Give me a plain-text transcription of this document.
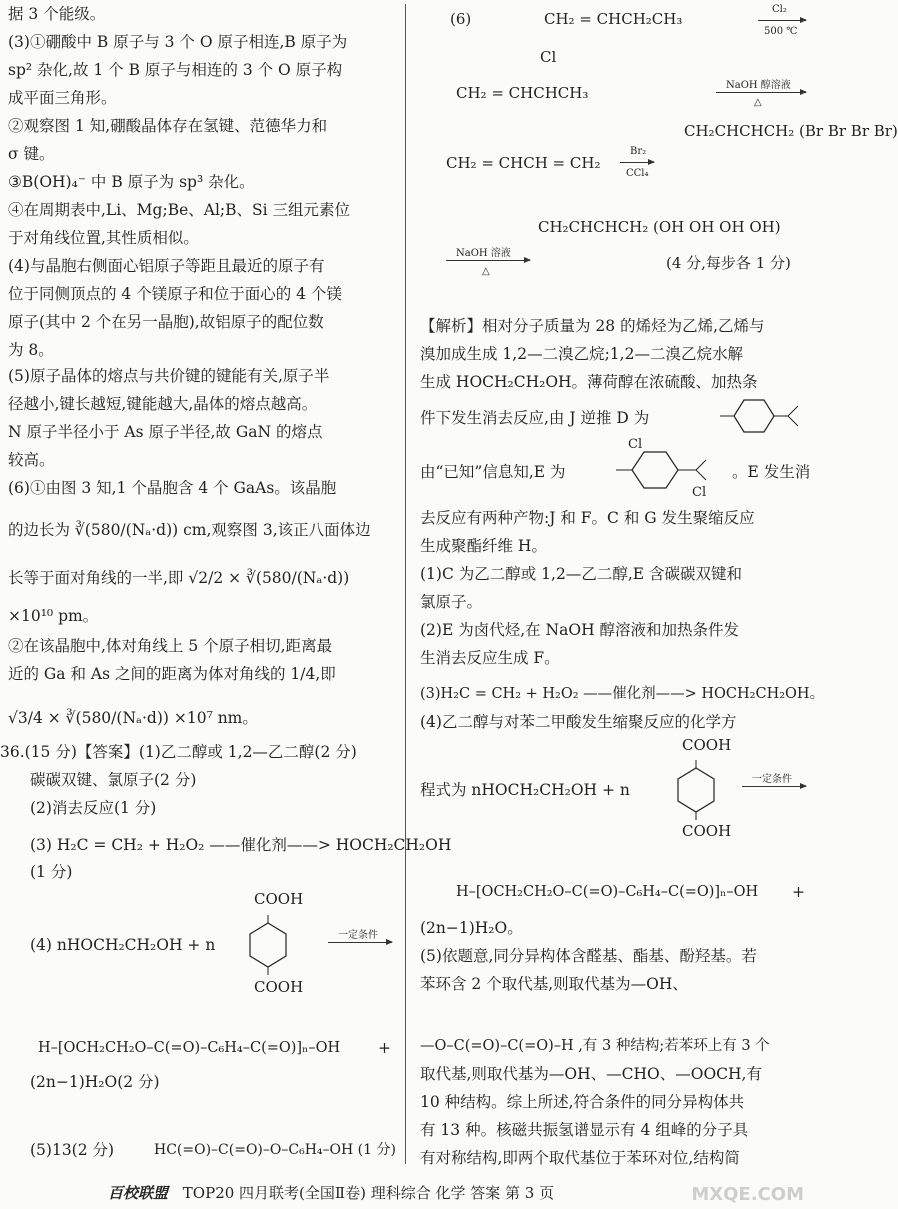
据 3 个能级。
(3)①硼酸中 B 原子与 3 个 O 原子相连,B 原子为
sp² 杂化,故 1 个 B 原子与相连的 3 个 O 原子构
成平面三角形。
②观察图 1 知,硼酸晶体存在氢键、范德华力和
σ 键。
③B(OH)₄⁻ 中 B 原子为 sp³ 杂化。
④在周期表中,Li、Mg;Be、Al;B、Si 三组元素位
于对角线位置,其性质相似。
(4)与晶胞右侧面心铝原子等距且最近的原子有
位于同侧顶点的 4 个镁原子和位于面心的 4 个镁
原子(其中 2 个在另一晶胞),故铝原子的配位数
为 8。
(5)原子晶体的熔点与共价键的键能有关,原子半
径越小,键长越短,键能越大,晶体的熔点越高。
N 原子半径小于 As 原子半径,故 GaN 的熔点
较高。
(6)①由图 3 知,1 个晶胞含 4 个 GaAs。该晶胞
的边长为 ∛(580/(Nₐ·d)) cm,观察图 3,该正八面体边
长等于面对角线的一半,即 √2/2 × ∛(580/(Nₐ·d))
×10¹⁰ pm。
②在该晶胞中,体对角线上 5 个原子相切,距离最
近的 Ga 和 As 之间的距离为体对角线的 1/4,即
√3/4 × ∛(580/(Nₐ·d)) ×10⁷ nm。
36.(15 分)【答案】(1)乙二醇或 1,2—乙二醇(2 分)
碳碳双键、氯原子(2 分)
(2)消去反应(1 分)
(3) H₂C = CH₂ + H₂O₂ ——催化剂——> HOCH₂CH₂OH
(1 分)
(4) nHOCH₂CH₂OH + n
一定条件
COOH
COOH
H–[OCH₂CH₂O–C(=O)–C₆H₄–C(=O)]ₙ–OH +
(2n−1)H₂O(2 分)
(5)13(2 分)	HC(=O)–C(=O)–O–C₆H₄–OH (1 分)
(6)	CH₂ = CHCH₂CH₃
Cl₂
500 ℃
Cl
CH₂ = CHCHCH₃	NaOH 醇溶液
△
CH₂ = CHCH = CH₂
Br₂
CCl₄
CH₂CHCHCH₂ (Br Br Br Br)
NaOH 溶液
△
CH₂CHCHCH₂ (OH OH OH OH)
(4 分,每步各 1 分)
【解析】相对分子质量为 28 的烯烃为乙烯,乙烯与
溴加成生成 1,2—二溴乙烷;1,2—二溴乙烷水解
生成 HOCH₂CH₂OH。薄荷醇在浓硫酸、加热条
件下发生消去反应,由 J 逆推 D 为
由“已知”信息知,E 为
Cl
Cl
。E 发生消
去反应有两种产物:J 和 F。C 和 G 发生聚缩反应
生成聚酯纤维 H。
(1)C 为乙二醇或 1,2—乙二醇,E 含碳碳双键和
氯原子。
(2)E 为卤代烃,在 NaOH 醇溶液和加热条件发
生消去反应生成 F。
(3)H₂C = CH₂ + H₂O₂ ——催化剂——> HOCH₂CH₂OH。
(4)乙二醇与对苯二甲酸发生缩聚反应的化学方
程式为 nHOCH₂CH₂OH + n
一定条件
COOH
COOH
H–[OCH₂CH₂O–C(=O)–C₆H₄–C(=O)]ₙ–OH +
(2n−1)H₂O。
(5)依题意,同分异构体含醛基、酯基、酚羟基。若
苯环含 2 个取代基,则取代基为—OH、
—O–C(=O)–C(=O)–H ,有 3 种结构;若苯环上有 3 个
取代基,则取代基为—OH、—CHO、—OOCH,有
10 种结构。综上所述,符合条件的同分异构体共
有 13 种。核磁共振氢谱显示有 4 组峰的分子具
有对称结构,即两个取代基位于苯环对位,结构简
百校联盟 TOP20 四月联考(全国Ⅱ卷) 理科综合 化学 答案 第 3 页	MXQE.COM
